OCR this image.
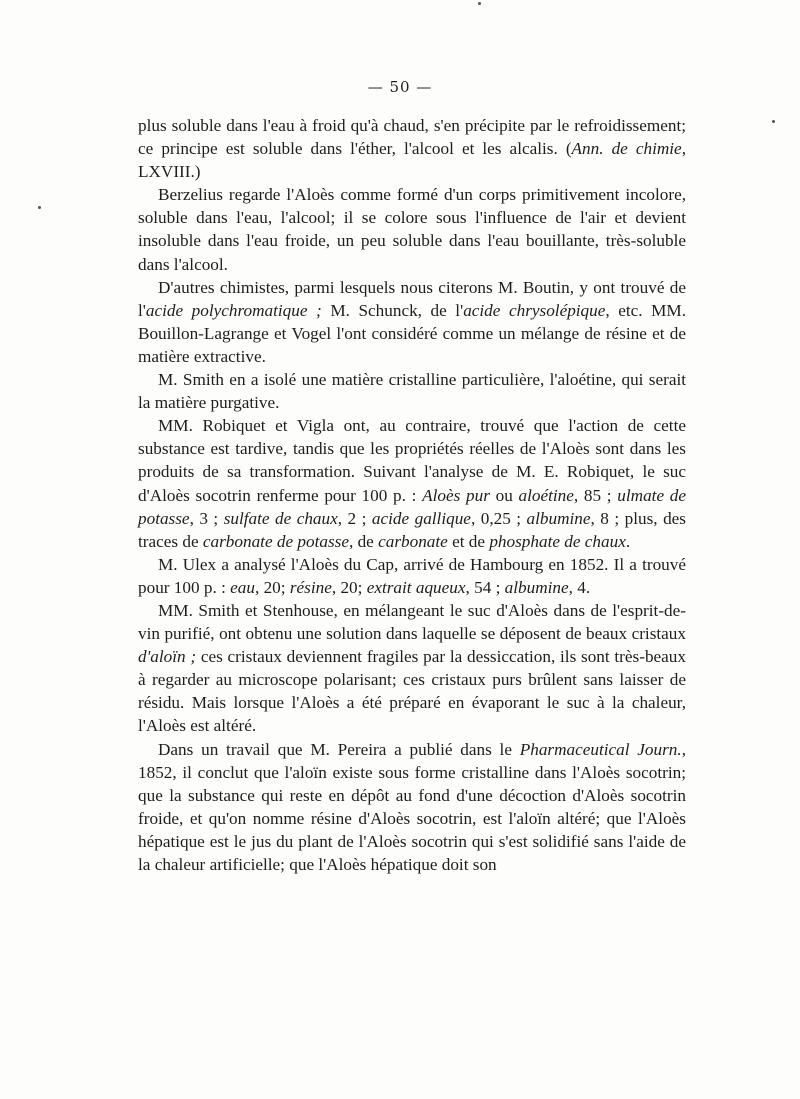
— 50 —

plus soluble dans l'eau à froid qu'à chaud, s'en précipite par le refroidissement; ce principe est soluble dans l'éther, l'alcool et les alcalis. (Ann. de chimie, LXVIII.)

Berzelius regarde l'Aloès comme formé d'un corps primitivement incolore, soluble dans l'eau, l'alcool; il se colore sous l'influence de l'air et devient insoluble dans l'eau froide, un peu soluble dans l'eau bouillante, très-soluble dans l'alcool.

D'autres chimistes, parmi lesquels nous citerons M. Boutin, y ont trouvé de l'acide polychromatique ; M. Schunck, de l'acide chrysolépique, etc. MM. Bouillon-Lagrange et Vogel l'ont considéré comme un mélange de résine et de matière extractive.

M. Smith en a isolé une matière cristalline particulière, l'aloétine, qui serait la matière purgative.

MM. Robiquet et Vigla ont, au contraire, trouvé que l'action de cette substance est tardive, tandis que les propriétés réelles de l'Aloès sont dans les produits de sa transformation. Suivant l'analyse de M. E. Robiquet, le suc d'Aloès socotrin renferme pour 100 p. : Aloès pur ou aloétine, 85 ; ulmate de potasse, 3 ; sulfate de chaux, 2 ; acide gallique, 0,25 ; albumine, 8 ; plus, des traces de carbonate de potasse, de carbonate et de phosphate de chaux.

M. Ulex a analysé l'Aloès du Cap, arrivé de Hambourg en 1852. Il a trouvé pour 100 p. : eau, 20; résine, 20; extrait aqueux, 54 ; albumine, 4.

MM. Smith et Stenhouse, en mélangeant le suc d'Aloès dans de l'esprit-de-vin purifié, ont obtenu une solution dans laquelle se déposent de beaux cristaux d'aloïn ; ces cristaux deviennent fragiles par la dessiccation, ils sont très-beaux à regarder au microscope polarisant; ces cristaux purs brûlent sans laisser de résidu. Mais lorsque l'Aloès a été préparé en évaporant le suc à la chaleur, l'Aloès est altéré.

Dans un travail que M. Pereira a publié dans le Pharmaceutical Journ., 1852, il conclut que l'aloïn existe sous forme cristalline dans l'Aloès socotrin; que la substance qui reste en dépôt au fond d'une décoction d'Aloès socotrin froide, et qu'on nomme résine d'Aloès socotrin, est l'aloïn altéré; que l'Aloès hépatique est le jus du plant de l'Aloès socotrin qui s'est solidifié sans l'aide de la chaleur artificielle; que l'Aloès hépatique doit son
